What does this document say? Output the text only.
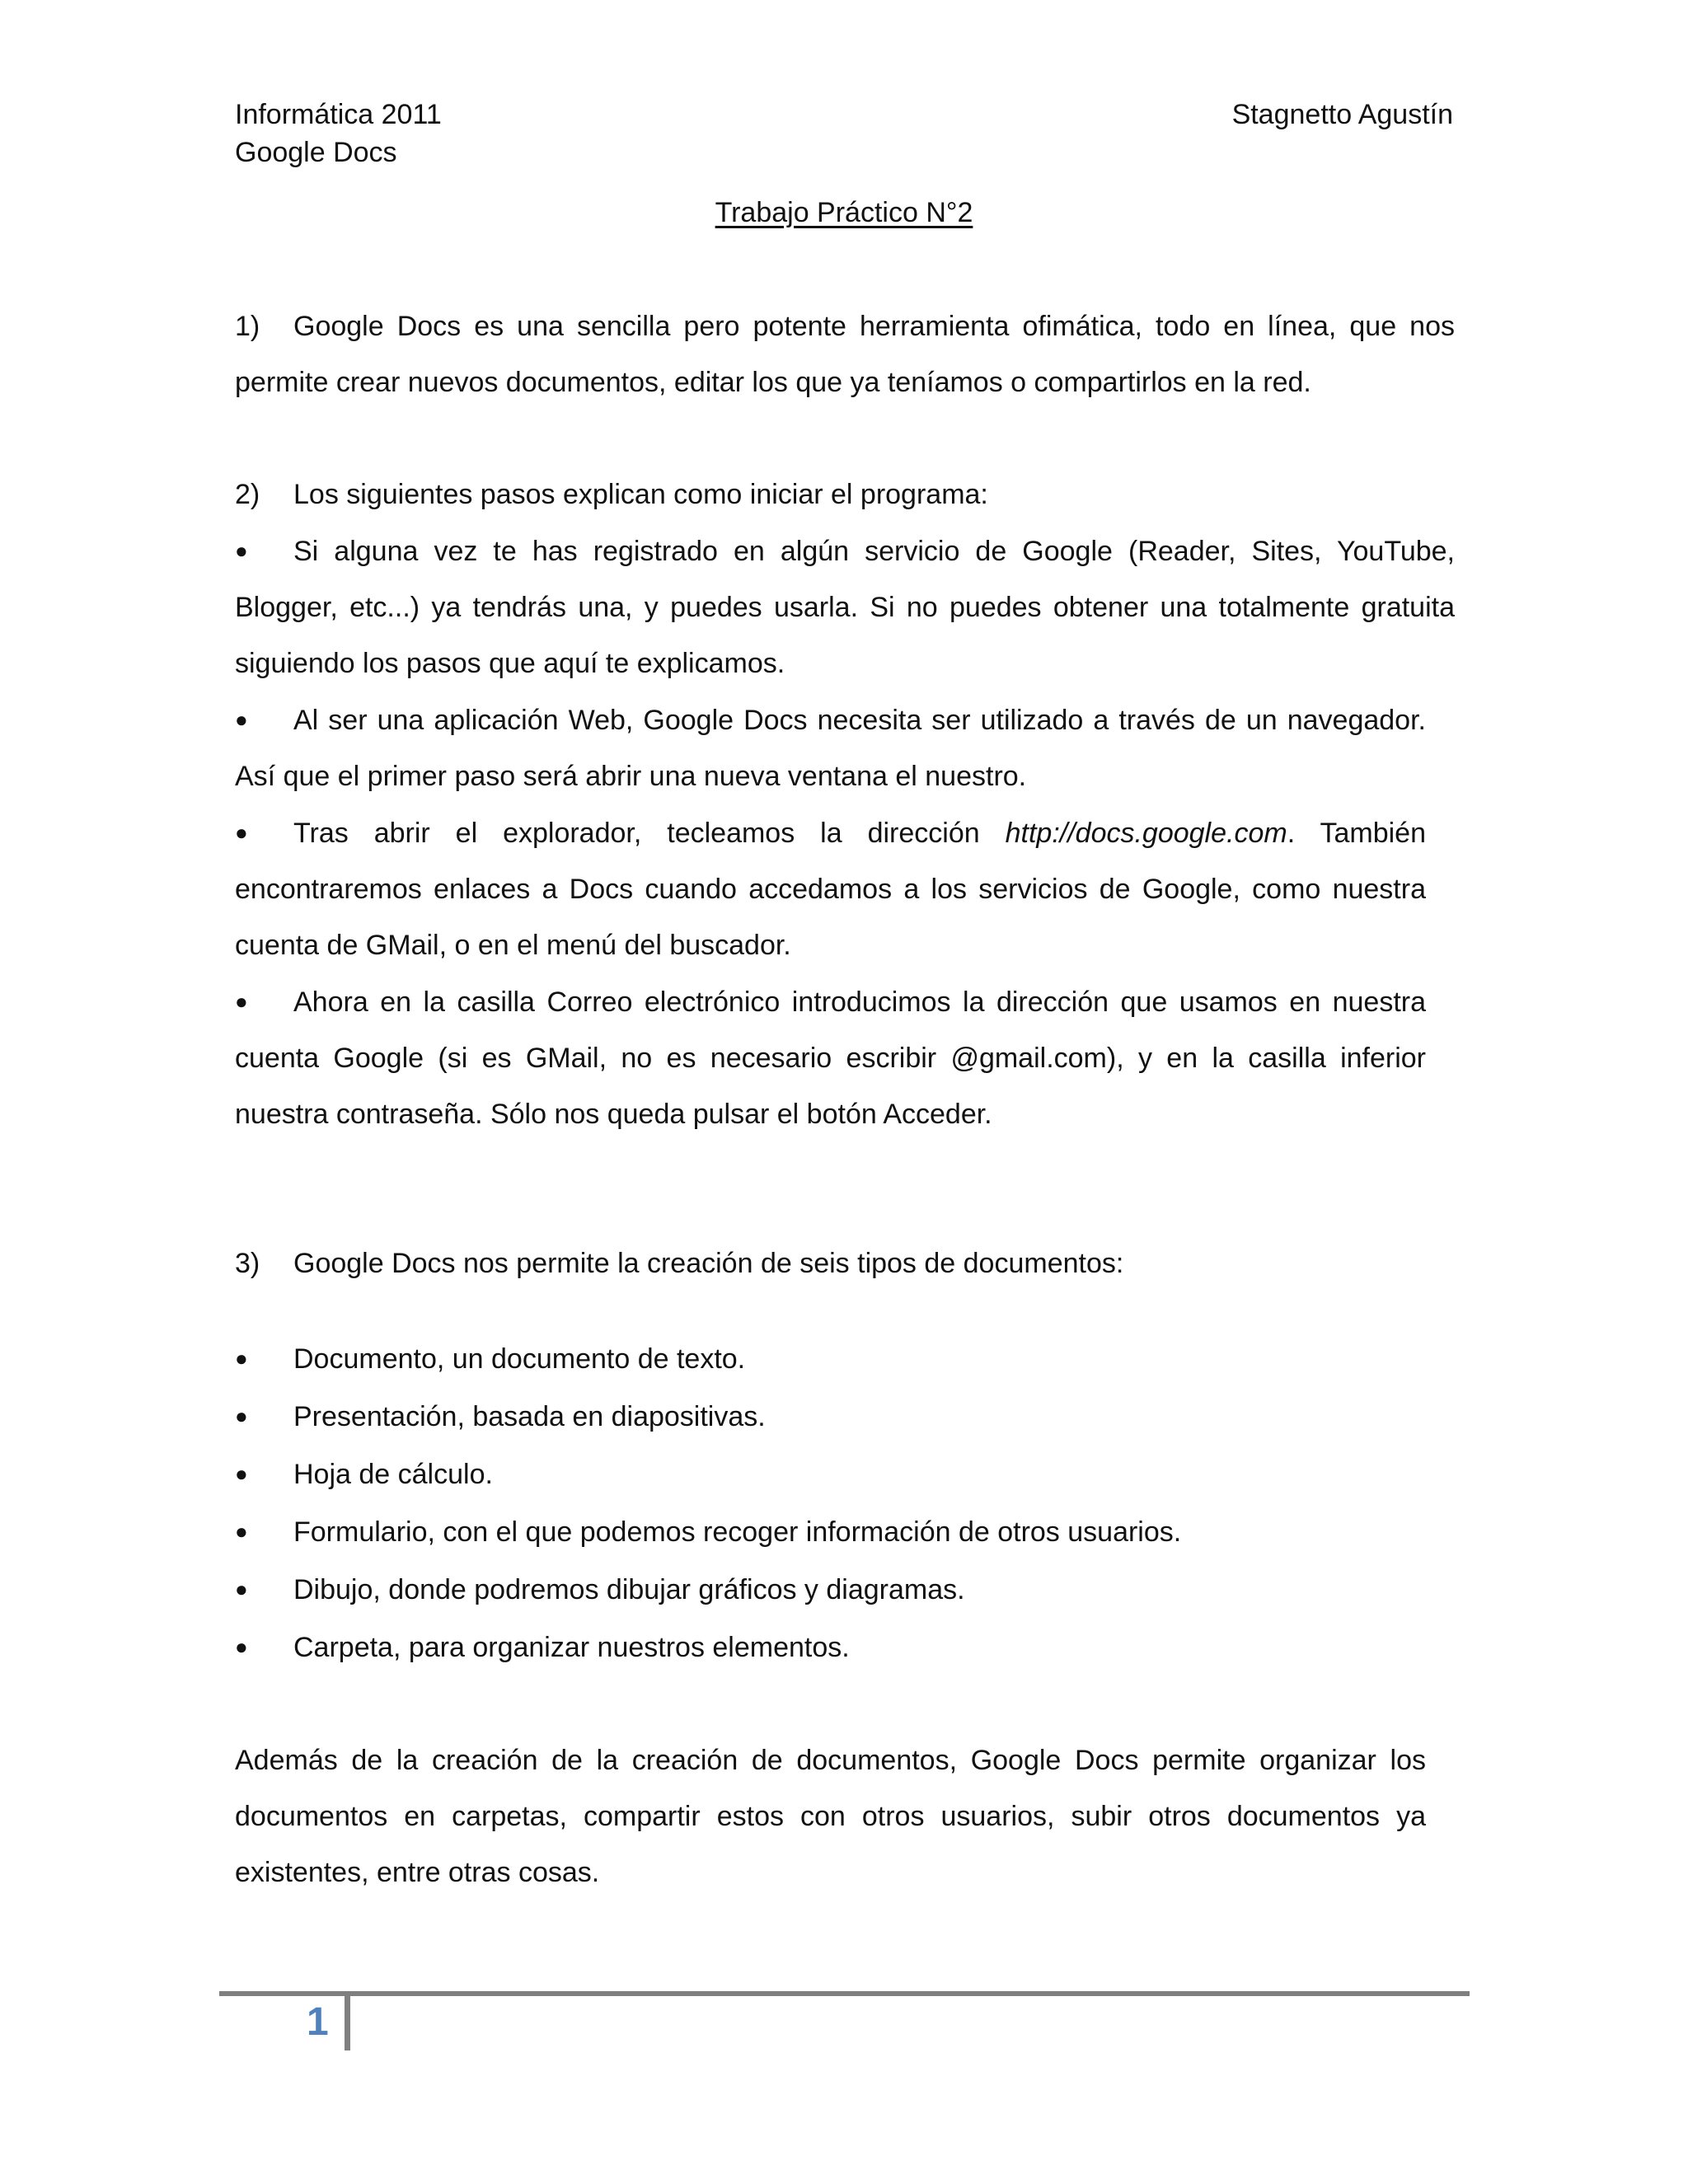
Informática 2011
Google Docs
Stagnetto Agustín
Trabajo Práctico N°2

1) Google Docs es una sencilla pero potente herramienta ofimática, todo en línea, que nos permite crear nuevos documentos, editar los que ya teníamos o compartirlos en la red.

2) Los siguientes pasos explican como iniciar el programa:

● Si alguna vez te has registrado en algún servicio de Google (Reader, Sites, YouTube, Blogger, etc...) ya tendrás una, y puedes usarla. Si no puedes obtener una totalmente gratuita siguiendo los pasos que aquí te explicamos.

● Al ser una aplicación Web, Google Docs necesita ser utilizado a través de un navegador. Así que el primer paso será abrir una nueva ventana el nuestro.

● Tras abrir el explorador, tecleamos la dirección http://docs.google.com. También encontraremos enlaces a Docs cuando accedamos a los servicios de Google, como nuestra cuenta de GMail, o en el menú del buscador.

● Ahora en la casilla Correo electrónico introducimos la dirección que usamos en nuestra cuenta Google (si es GMail, no es necesario escribir @gmail.com), y en la casilla inferior nuestra contraseña. Sólo nos queda pulsar el botón Acceder.

3) Google Docs nos permite la creación de seis tipos de documentos:

● Documento, un documento de texto.

● Presentación, basada en diapositivas.

● Hoja de cálculo.

● Formulario, con el que podemos recoger información de otros usuarios.

● Dibujo, donde podremos dibujar gráficos y diagramas.

● Carpeta, para organizar nuestros elementos.

Además de la creación de la creación de documentos, Google Docs permite organizar los documentos en carpetas, compartir estos con otros usuarios, subir otros documentos ya existentes, entre otras cosas.

1
